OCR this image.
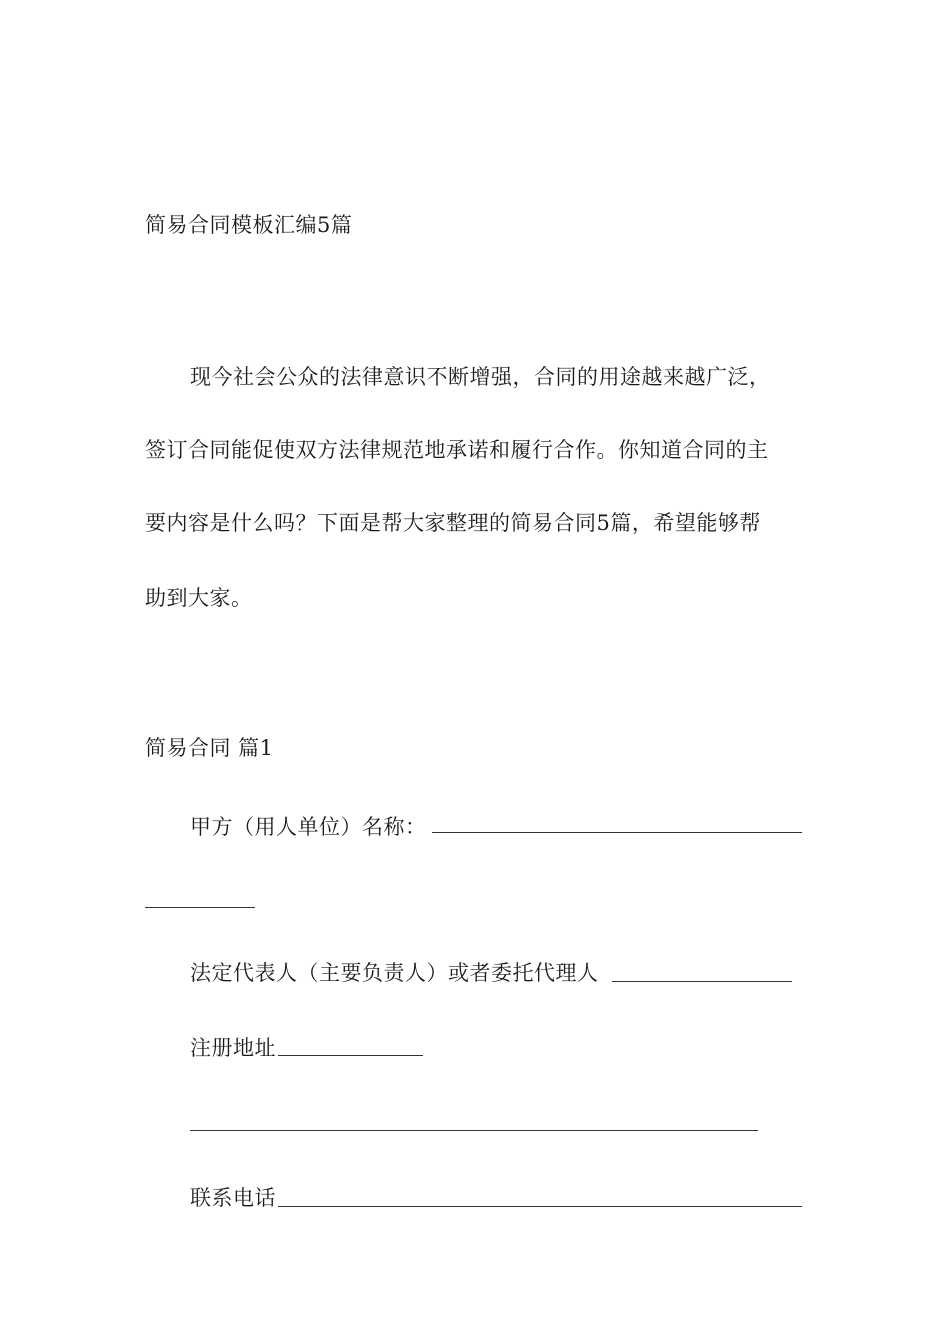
简易合同模板汇编5篇
现今社会公众的法律意识不断增强，合同的用途越来越广泛，
签订合同能促使双方法律规范地承诺和履行合作。你知道合同的主
要内容是什么吗？下面是帮大家整理的简易合同5篇，希望能够帮
助到大家。
简易合同 篇1
甲方（用人单位）名称：
法定代表人（主要负责人）或者委托代理人
注册地址
联系电话
